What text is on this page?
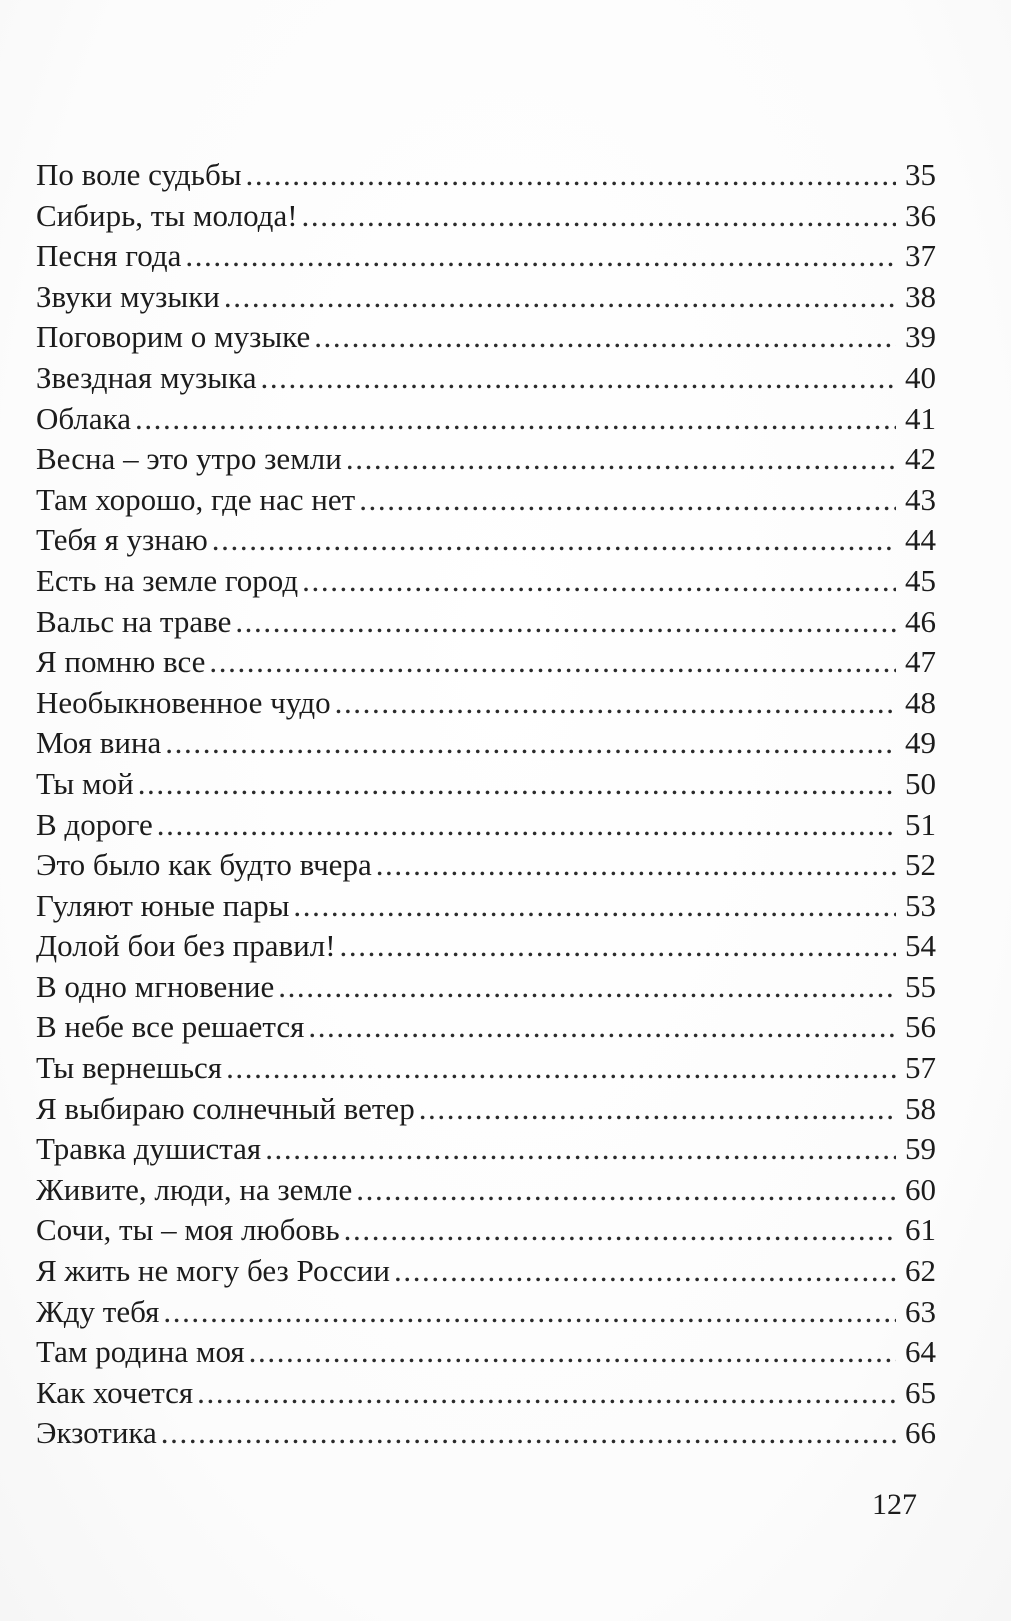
По воле судьбы .....	35
Сибирь, ты молода! .....	36
Песня года .....	37
Звуки музыки .....	38
Поговорим о музыке .....	39
Звездная музыка .....	40
Облака .....	41
Весна – это утро земли .....	42
Там хорошо, где нас нет .....	43
Тебя я узнаю .....	44
Есть на земле город .....	45
Вальс на траве .....	46
Я помню все .....	47
Необыкновенное чудо .....	48
Моя вина .....	49
Ты мой .....	50
В дороге .....	51
Это было как будто вчера .....	52
Гуляют юные пары .....	53
Долой бои без правил! .....	54
В одно мгновение .....	55
В небе все решается .....	56
Ты вернешься .....	57
Я выбираю солнечный ветер .....	58
Травка душистая .....	59
Живите, люди, на земле .....	60
Сочи, ты – моя любовь .....	61
Я жить не могу без России .....	62
Жду тебя .....	63
Там родина моя .....	64
Как хочется .....	65
Экзотика .....	66
127
